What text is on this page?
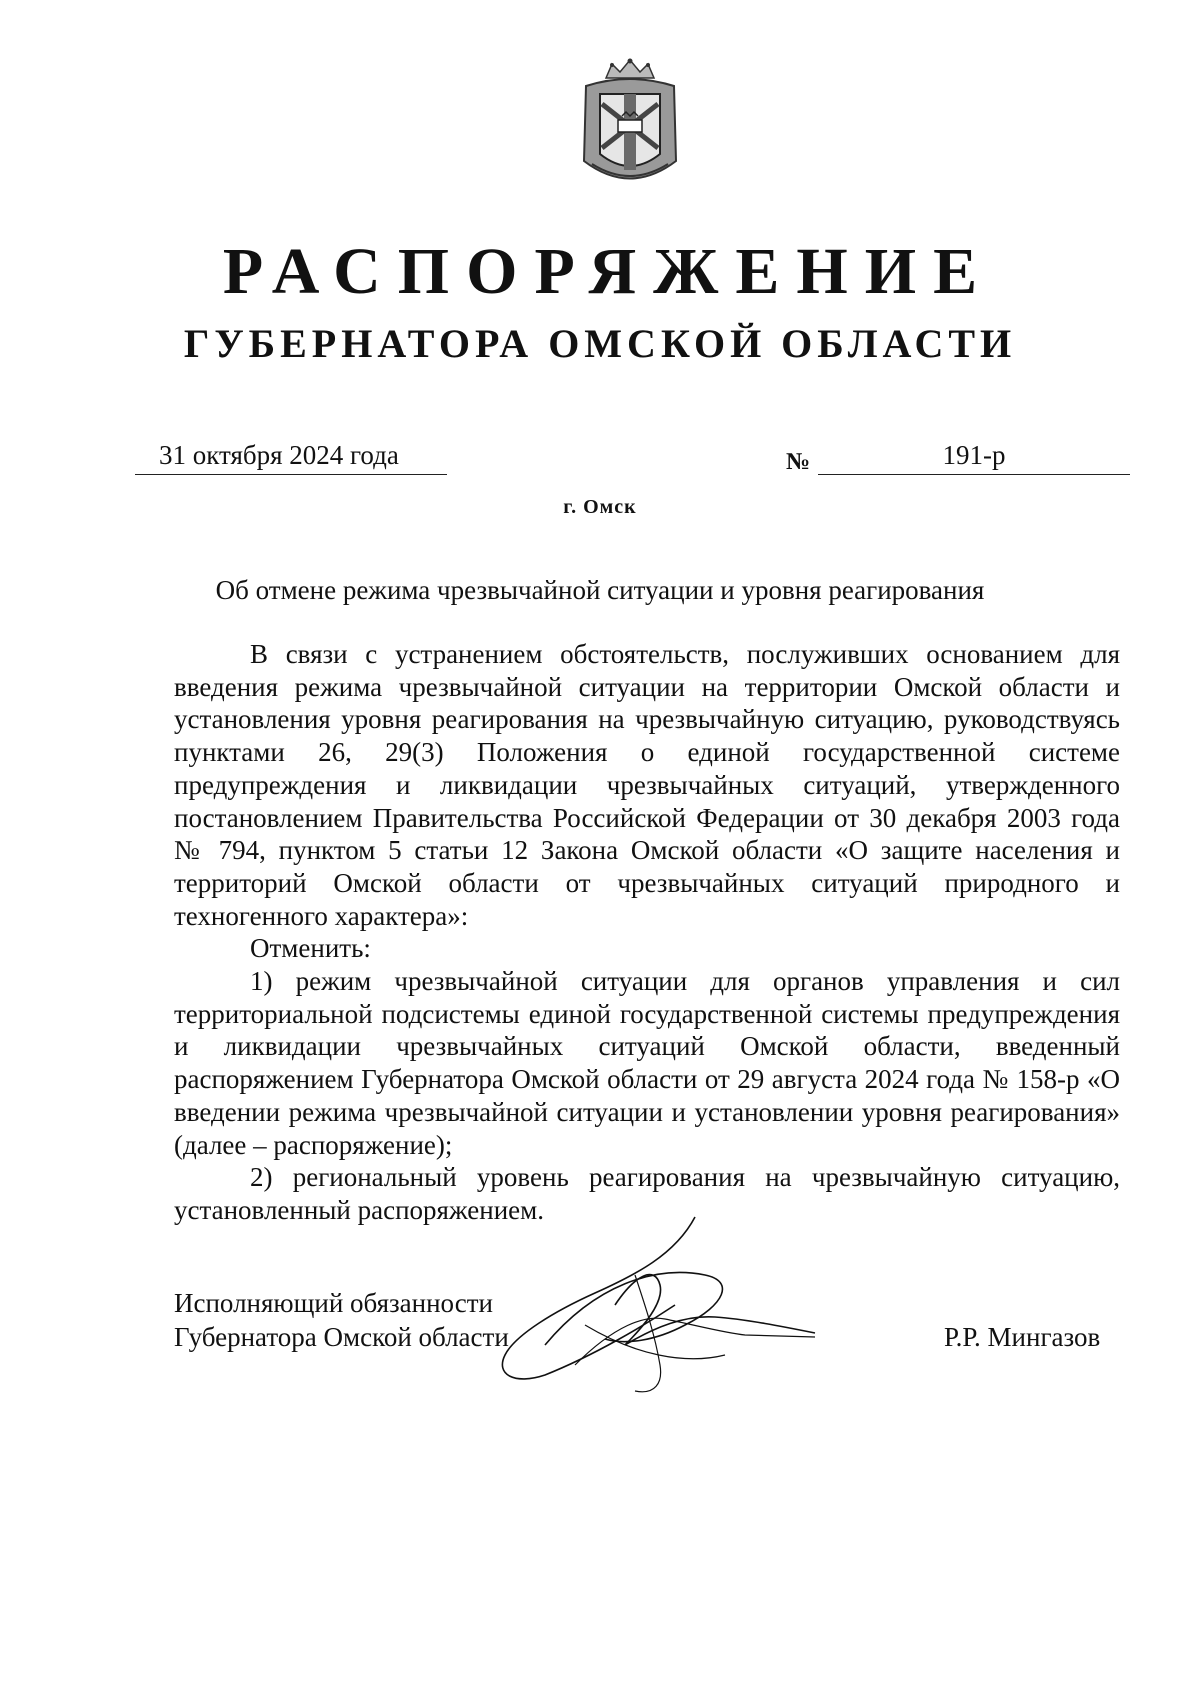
РАСПОРЯЖЕНИЕ
ГУБЕРНАТОРА ОМСКОЙ ОБЛАСТИ
31 октября 2024 года	№	191-р
г. Омск
Об отмене режима чрезвычайной ситуации и уровня реагирования

В связи с устранением обстоятельств, послуживших основанием для введения режима чрезвычайной ситуации на территории Омской области и установления уровня реагирования на чрезвычайную ситуацию, руководствуясь пунктами 26, 29(3) Положения о единой государственной системе предупреждения и ликвидации чрезвычайных ситуаций, утвержденного постановлением Правительства Российской Федерации от 30 декабря 2003 года № 794, пунктом 5 статьи 12 Закона Омской области «О защите населения и территорий Омской области от чрезвычайных ситуаций природного и техногенного характера»:

Отменить:

1) режим чрезвычайной ситуации для органов управления и сил территориальной подсистемы единой государственной системы предупреждения и ликвидации чрезвычайных ситуаций Омской области, введенный распоряжением Губернатора Омской области от 29 августа 2024 года № 158-р «О введении режима чрезвычайной ситуации и установлении уровня реагирования» (далее – распоряжение);

2) региональный уровень реагирования на чрезвычайную ситуацию, установленный распоряжением.

Исполняющий обязанности
Губернатора Омской области	Р.Р. Мингазов
